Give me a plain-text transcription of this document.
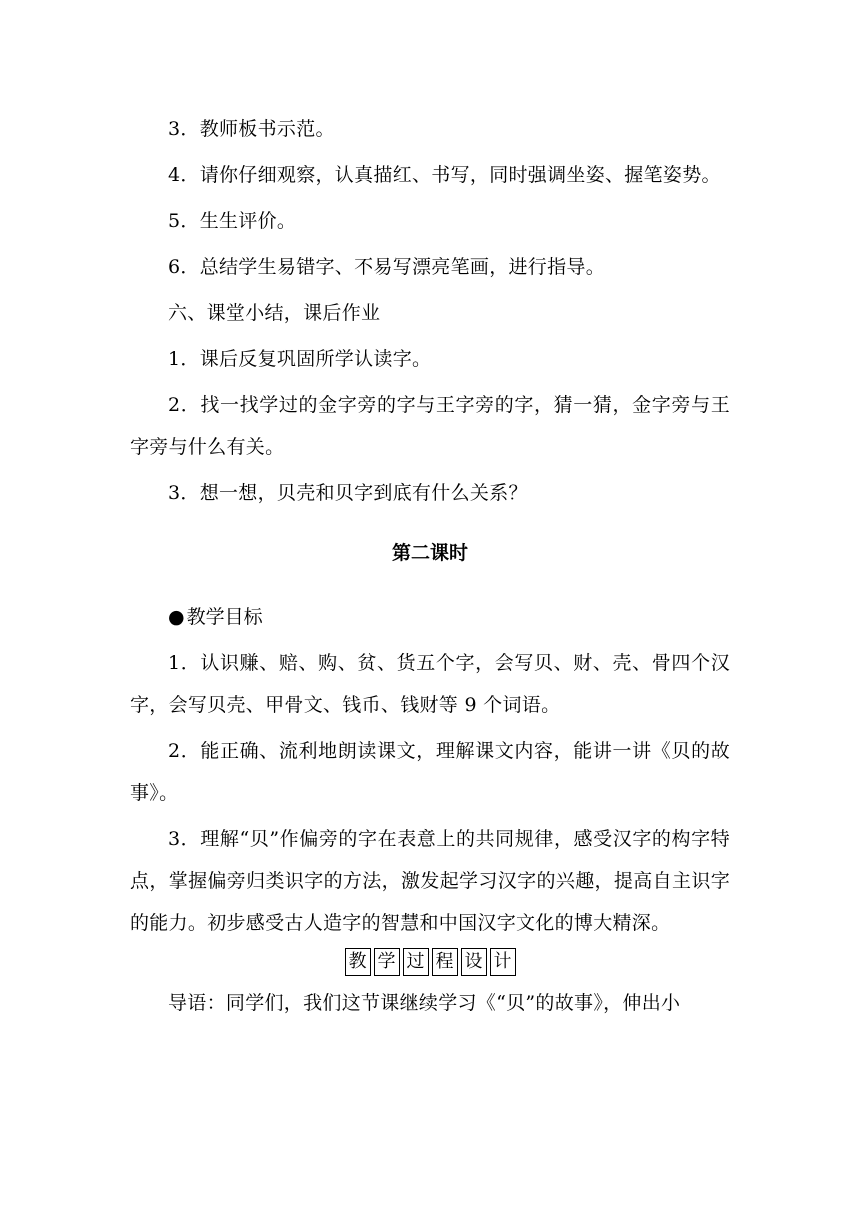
3．教师板书示范。

4．请你仔细观察，认真描红、书写，同时强调坐姿、握笔姿势。

5．生生评价。

6．总结学生易错字、不易写漂亮笔画，进行指导。

六、课堂小结，课后作业

1．课后反复巩固所学认读字。

2．找一找学过的金字旁的字与王字旁的字，猜一猜，金字旁与王字旁与什么有关。

3．想一想，贝壳和贝字到底有什么关系？

第二课时
● 教学目标

1．认识赚、赔、购、贫、货五个字，会写贝、财、壳、骨四个汉字，会写贝壳、甲骨文、钱币、钱财等 9 个词语。

2．能正确、流利地朗读课文，理解课文内容，能讲一讲《贝的故事》。

3．理解“贝”作偏旁的字在表意上的共同规律，感受汉字的构字特点，掌握偏旁归类识字的方法，激发起学习汉字的兴趣，提高自主识字的能力。初步感受古人造字的智慧和中国汉字文化的博大精深。

教 学 过 程 设 计

导语：同学们，我们这节课继续学习《“贝”的故事》，伸出小
